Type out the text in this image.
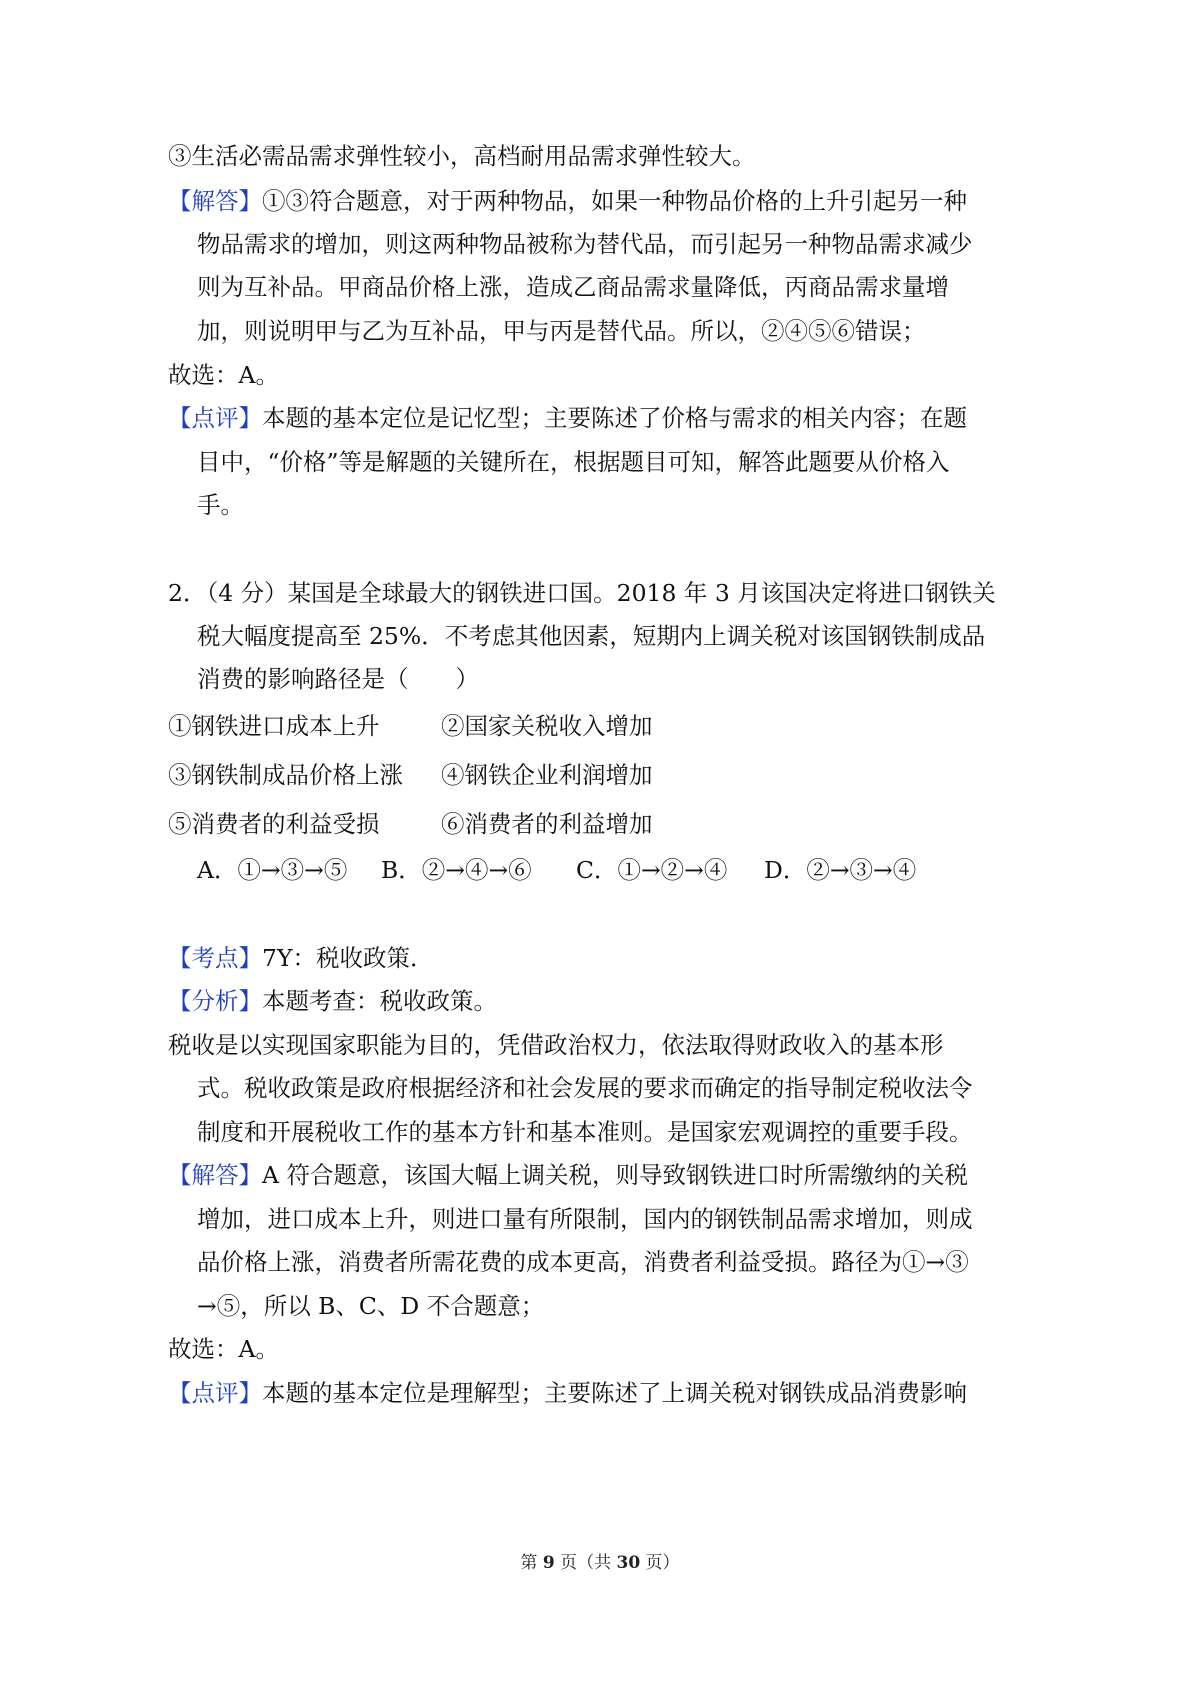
③生活必需品需求弹性较小，高档耐用品需求弹性较大。
【解答】①③符合题意，对于两种物品，如果一种物品价格的上升引起另一种
物品需求的增加，则这两种物品被称为替代品，而引起另一种物品需求减少
则为互补品。甲商品价格上涨，造成乙商品需求量降低，丙商品需求量增
加，则说明甲与乙为互补品，甲与丙是替代品。所以，②④⑤⑥错误；
故选：A。
【点评】本题的基本定位是记忆型；主要陈述了价格与需求的相关内容；在题
目中，“价格”等是解题的关键所在，根据题目可知，解答此题要从价格入
手。
2．（4 分）某国是全球最大的钢铁进口国。2018 年 3 月该国决定将进口钢铁关
税大幅度提高至 25%．不考虑其他因素，短期内上调关税对该国钢铁制成品
消费的影响路径是（　　）
①钢铁进口成本上升	②国家关税收入增加
③钢铁制成品价格上涨 ④钢铁企业利润增加
⑤消费者的利益受损	⑥消费者的利益增加
A．①→③→⑤ B．②→④→⑥ C．①→②→④ D．②→③→④
【考点】7Y：税收政策．
【分析】本题考查：税收政策。
税收是以实现国家职能为目的，凭借政治权力，依法取得财政收入的基本形
式。税收政策是政府根据经济和社会发展的要求而确定的指导制定税收法令
制度和开展税收工作的基本方针和基本准则。是国家宏观调控的重要手段。
【解答】A 符合题意，该国大幅上调关税，则导致钢铁进口时所需缴纳的关税
增加，进口成本上升，则进口量有所限制，国内的钢铁制品需求增加，则成
品价格上涨，消费者所需花费的成本更高，消费者利益受损。路径为①→③
→⑤，所以 B、C、D 不合题意；
故选：A。
【点评】本题的基本定位是理解型；主要陈述了上调关税对钢铁成品消费影响
第 9 页（共 30 页）
